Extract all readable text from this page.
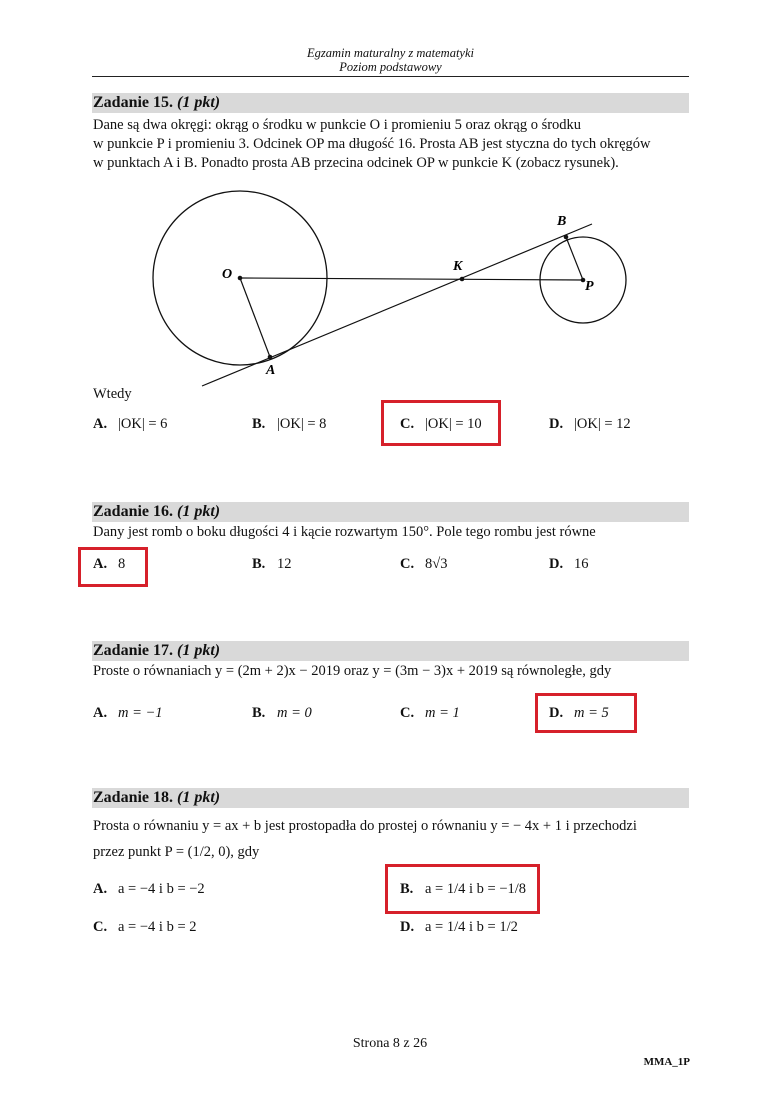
Egzamin maturalny z matematyki
Poziom podstawowy
Zadanie 15. (1 pkt)
Dane są dwa okręgi: okrąg o środku w punkcie O i promieniu 5 oraz okrąg o środku
w punkcie P i promieniu 3. Odcinek OP ma długość 16. Prosta AB jest styczna do tych okręgów
w punktach A i B. Ponadto prosta AB przecina odcinek OP w punkcie K (zobacz rysunek).
O
K
B
P
A
Wtedy
A. |OK| = 6	B. |OK| = 8	C. |OK| = 10	D. |OK| = 12
Zadanie 16. (1 pkt)
Dany jest romb o boku długości 4 i kącie rozwartym 150°. Pole tego rombu jest równe
A. 8	B. 12	C. 8√3	D. 16
Zadanie 17. (1 pkt)
Proste o równaniach y = (2m + 2)x − 2019 oraz y = (3m − 3)x + 2019 są równoległe, gdy
A. m = −1	B. m = 0	C. m = 1	D. m = 5
Zadanie 18. (1 pkt)
Prosta o równaniu y = ax + b jest prostopadła do prostej o równaniu y = − 4x + 1 i przechodzi
przez punkt P = (1/2, 0), gdy
A. a = −4 i b = −2	B. a = 1/4 i b = −1/8
C. a = −4 i b = 2	D. a = 1/4 i b = 1/2
Strona 8 z 26
MMA_1P
